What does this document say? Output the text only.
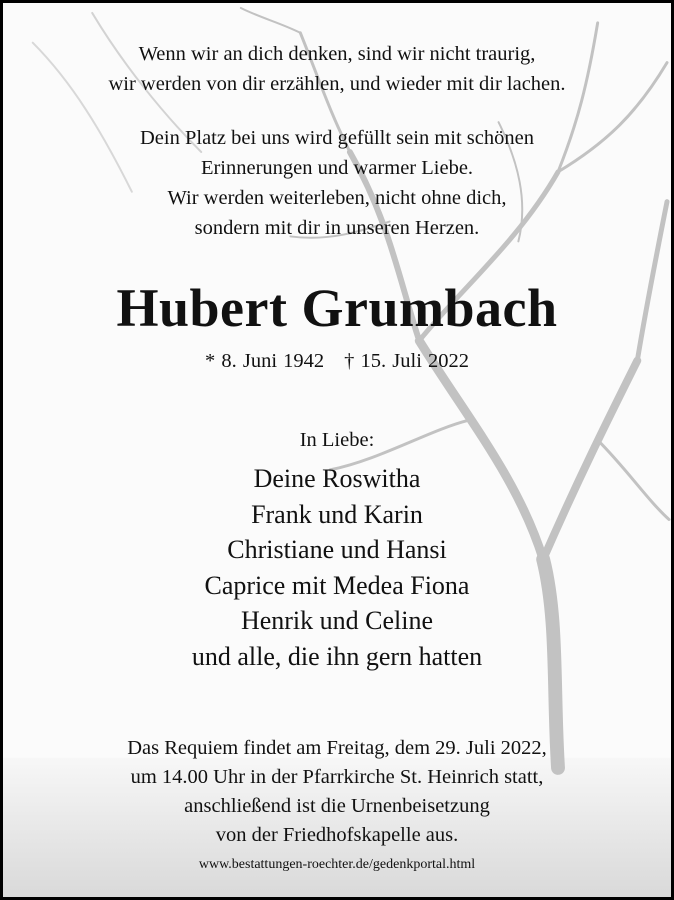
Wenn wir an dich denken, sind wir nicht traurig,
wir werden von dir erzählen, und wieder mit dir lachen.
Dein Platz bei uns wird gefüllt sein mit schönen
Erinnerungen und warmer Liebe.
Wir werden weiterleben, nicht ohne dich,
sondern mit dir in unseren Herzen.
Hubert Grumbach
* 8. Juni 1942 † 15. Juli 2022
In Liebe:
Deine Roswitha
Frank und Karin
Christiane und Hansi
Caprice mit Medea Fiona
Henrik und Celine
und alle, die ihn gern hatten
Das Requiem findet am Freitag, dem 29. Juli 2022,
um 14.00 Uhr in der Pfarrkirche St. Heinrich statt,
anschließend ist die Urnenbeisetzung
von der Friedhofskapelle aus.
www.bestattungen-roechter.de/gedenkportal.html
